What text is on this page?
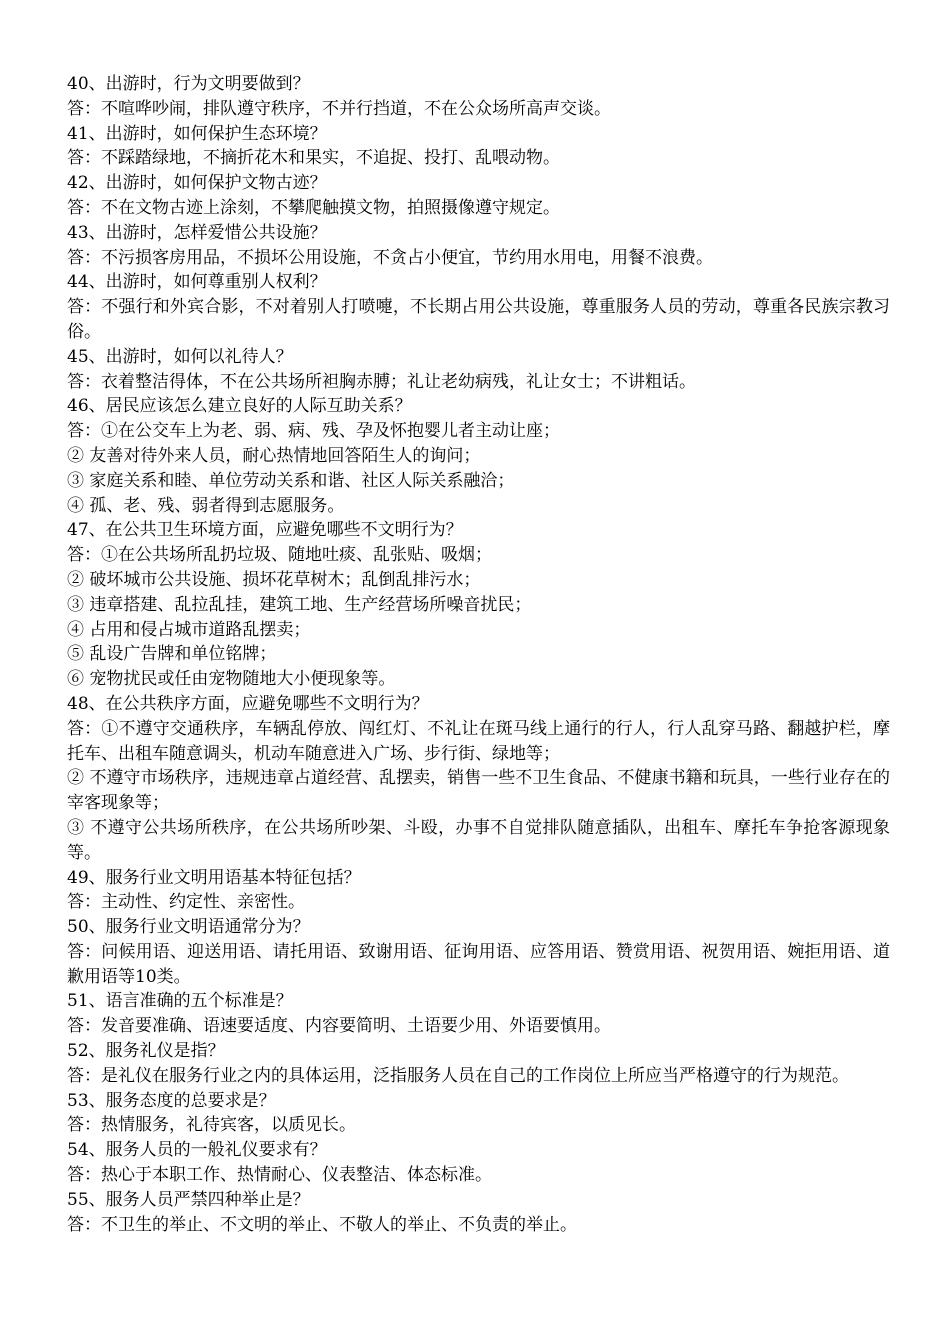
40、出游时，行为文明要做到？
答：不喧哗吵闹，排队遵守秩序，不并行挡道，不在公众场所高声交谈。
41、出游时，如何保护生态环境？
答：不踩踏绿地，不摘折花木和果实，不追捉、投打、乱喂动物。
42、出游时，如何保护文物古迹？
答：不在文物古迹上涂刻，不攀爬触摸文物，拍照摄像遵守规定。
43、出游时，怎样爱惜公共设施？
答：不污损客房用品，不损坏公用设施，不贪占小便宜，节约用水用电，用餐不浪费。
44、出游时，如何尊重别人权利？
答：不强行和外宾合影，不对着别人打喷嚏，不长期占用公共设施，尊重服务人员的劳动，尊重各民族宗教习俗。
45、出游时，如何以礼待人？
答：衣着整洁得体，不在公共场所袒胸赤膊；礼让老幼病残，礼让女士；不讲粗话。
46、居民应该怎么建立良好的人际互助关系？
答：①在公交车上为老、弱、病、残、孕及怀抱婴儿者主动让座；
② 友善对待外来人员，耐心热情地回答陌生人的询问；
③ 家庭关系和睦、单位劳动关系和谐、社区人际关系融洽；
④ 孤、老、残、弱者得到志愿服务。
47、在公共卫生环境方面，应避免哪些不文明行为？
答：①在公共场所乱扔垃圾、随地吐痰、乱张贴、吸烟；
② 破坏城市公共设施、损坏花草树木；乱倒乱排污水；
③ 违章搭建、乱拉乱挂，建筑工地、生产经营场所噪音扰民；
④ 占用和侵占城市道路乱摆卖；
⑤ 乱设广告牌和单位铭牌；
⑥ 宠物扰民或任由宠物随地大小便现象等。
48、在公共秩序方面，应避免哪些不文明行为？
答：①不遵守交通秩序，车辆乱停放、闯红灯、不礼让在斑马线上通行的行人，行人乱穿马路、翻越护栏，摩托车、出租车随意调头，机动车随意进入广场、步行街、绿地等；
② 不遵守市场秩序，违规违章占道经营、乱摆卖，销售一些不卫生食品、不健康书籍和玩具，一些行业存在的宰客现象等；
③ 不遵守公共场所秩序，在公共场所吵架、斗殴，办事不自觉排队随意插队，出租车、摩托车争抢客源现象等。
49、服务行业文明用语基本特征包括？
答：主动性、约定性、亲密性。
50、服务行业文明语通常分为？
答：问候用语、迎送用语、请托用语、致谢用语、征询用语、应答用语、赞赏用语、祝贺用语、婉拒用语、道歉用语等10类。
51、语言准确的五个标准是？
答：发音要准确、语速要适度、内容要简明、土语要少用、外语要慎用。
52、服务礼仪是指？
答：是礼仪在服务行业之内的具体运用，泛指服务人员在自己的工作岗位上所应当严格遵守的行为规范。
53、服务态度的总要求是？
答：热情服务，礼待宾客，以质见长。
54、服务人员的一般礼仪要求有？
答：热心于本职工作、热情耐心、仪表整洁、体态标准。
55、服务人员严禁四种举止是？
答：不卫生的举止、不文明的举止、不敬人的举止、不负责的举止。
